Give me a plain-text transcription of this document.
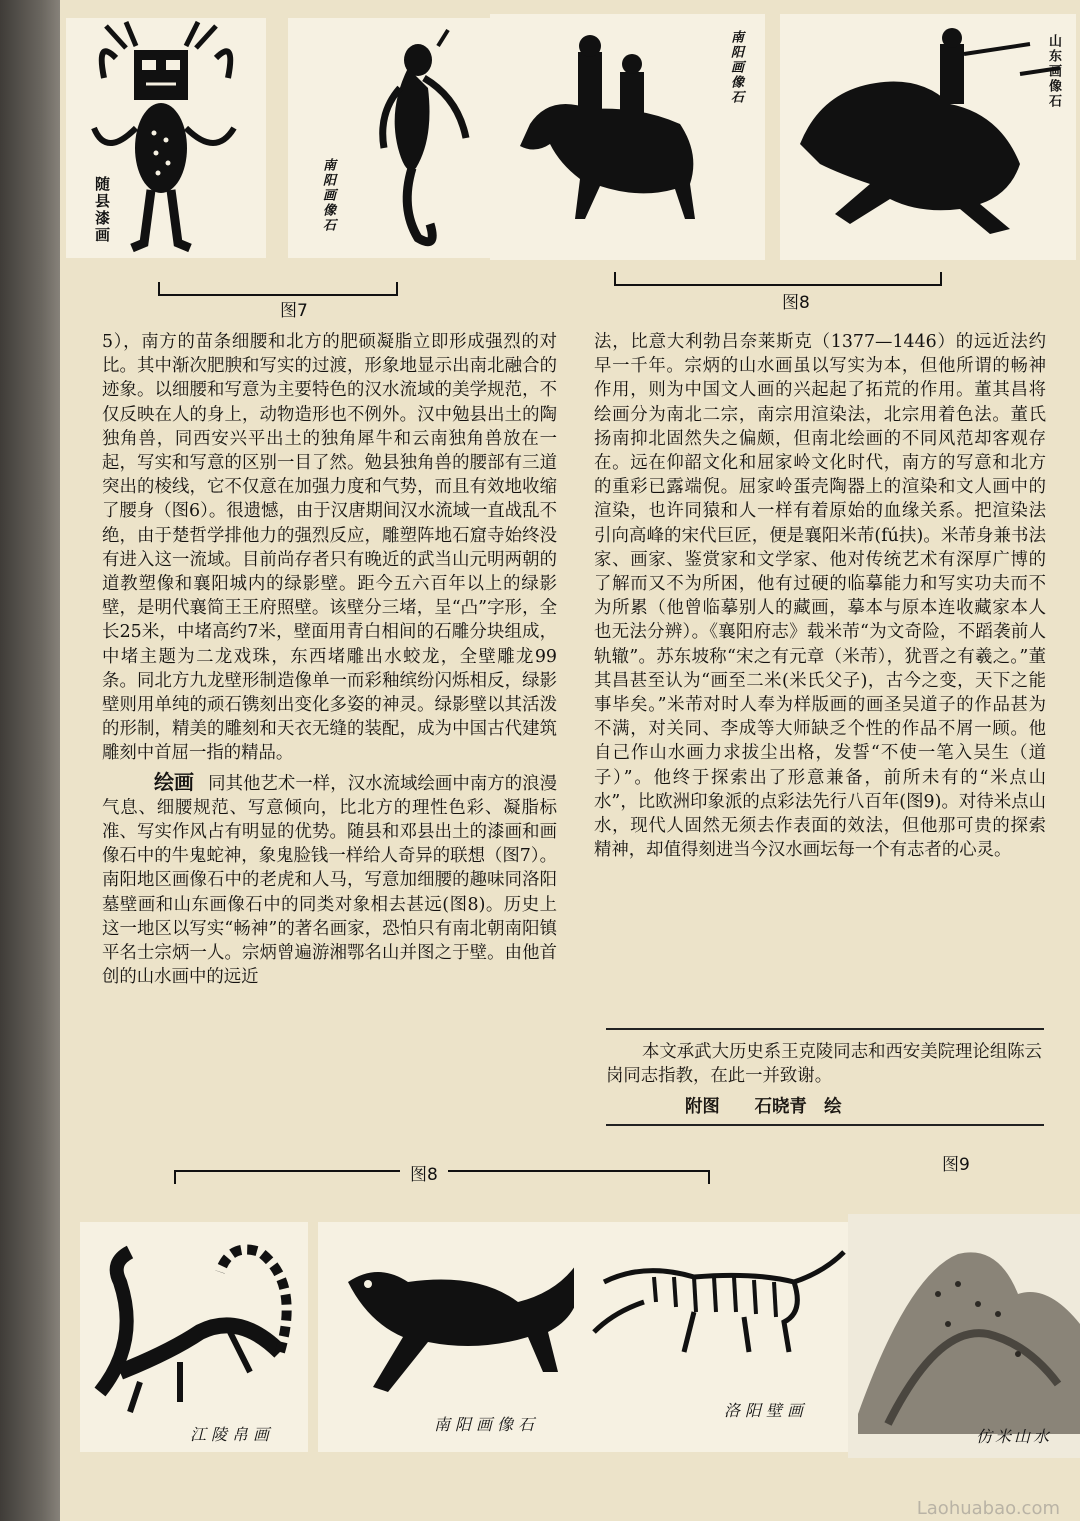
随县漆画	南阳画像石
南阳画像石	山东画像石
图7	图8

5），南方的苗条细腰和北方的肥硕凝脂立即形成强烈的对比。其中渐次肥腴和写实的过渡，形象地显示出南北融合的迹象。以细腰和写意为主要特色的汉水流域的美学规范，不仅反映在人的身上，动物造形也不例外。汉中勉县出土的陶独角兽，同西安兴平出土的独角犀牛和云南独角兽放在一起，写实和写意的区别一目了然。勉县独角兽的腰部有三道突出的棱线，它不仅意在加强力度和气势，而且有效地收缩了腰身（图6）。很遗憾，由于汉唐期间汉水流域一直战乱不绝，由于楚哲学排他力的强烈反应，雕塑阵地石窟寺始终没有进入这一流域。目前尚存者只有晚近的武当山元明两朝的道教塑像和襄阳城内的绿影壁。距今五六百年以上的绿影壁，是明代襄简王王府照壁。该壁分三堵，呈“凸”字形，全长25米，中堵高约7米，壁面用青白相间的石雕分块组成，中堵主题为二龙戏珠，东西堵雕出水蛟龙，全壁雕龙99条。同北方九龙壁形制造像单一而彩釉缤纷闪烁相反，绿影壁则用单纯的顽石镌刻出变化多姿的神灵。绿影壁以其活泼的形制，精美的雕刻和天衣无缝的装配，成为中国古代建筑雕刻中首屈一指的精品。

绘画 同其他艺术一样，汉水流域绘画中南方的浪漫气息、细腰规范、写意倾向，比北方的理性色彩、凝脂标准、写实作风占有明显的优势。随县和邓县出土的漆画和画像石中的牛鬼蛇神，象鬼脸钱一样给人奇异的联想（图7）。南阳地区画像石中的老虎和人马，写意加细腰的趣味同洛阳墓壁画和山东画像石中的同类对象相去甚远(图8)。历史上这一地区以写实“畅神”的著名画家，恐怕只有南北朝南阳镇平名士宗炳一人。宗炳曾遍游湘鄂名山并图之于壁。由他首创的山水画中的远近

法，比意大利勃吕奈莱斯克（1377—1446）的远近法约早一千年。宗炳的山水画虽以写实为本，但他所谓的畅神作用，则为中国文人画的兴起起了拓荒的作用。董其昌将绘画分为南北二宗，南宗用渲染法，北宗用着色法。董氏扬南抑北固然失之偏颇，但南北绘画的不同风范却客观存在。远在仰韶文化和屈家岭文化时代，南方的写意和北方的重彩已露端倪。屈家岭蛋壳陶器上的渲染和文人画中的渲染，也许同猿和人一样有着原始的血缘关系。把渲染法引向高峰的宋代巨匠，便是襄阳米芾(fú扶)。米芾身兼书法家、画家、鉴赏家和文学家、他对传统艺术有深厚广博的了解而又不为所困，他有过硬的临摹能力和写实功夫而不为所累（他曾临摹别人的藏画，摹本与原本连收藏家本人也无法分辨）。《襄阳府志》载米芾“为文奇险，不蹈袭前人轨辙”。苏东坡称“宋之有元章（米芾），犹晋之有羲之。”董其昌甚至认为“画至二米(米氏父子)，古今之变，天下之能事毕矣。”米芾对时人奉为样版画的画圣吴道子的作品甚为不满，对关同、李成等大师缺乏个性的作品不屑一顾。他自己作山水画力求拔尘出格，发誓“不使一笔入吴生（道子）”。他终于探索出了形意兼备，前所未有的“米点山水”，比欧洲印象派的点彩法先行八百年(图9)。对待米点山水，现代人固然无须去作表面的效法，但他那可贵的探索精神，却值得刻进当今汉水画坛每一个有志者的心灵。

本文承武大历史系王克陵同志和西安美院理论组陈云岗同志指教，在此一并致谢。
附图　　石晓青　绘
图8	图9
江陵帛画
南阳画像石
洛阳壁画
仿米山水
Laohuabao.com
